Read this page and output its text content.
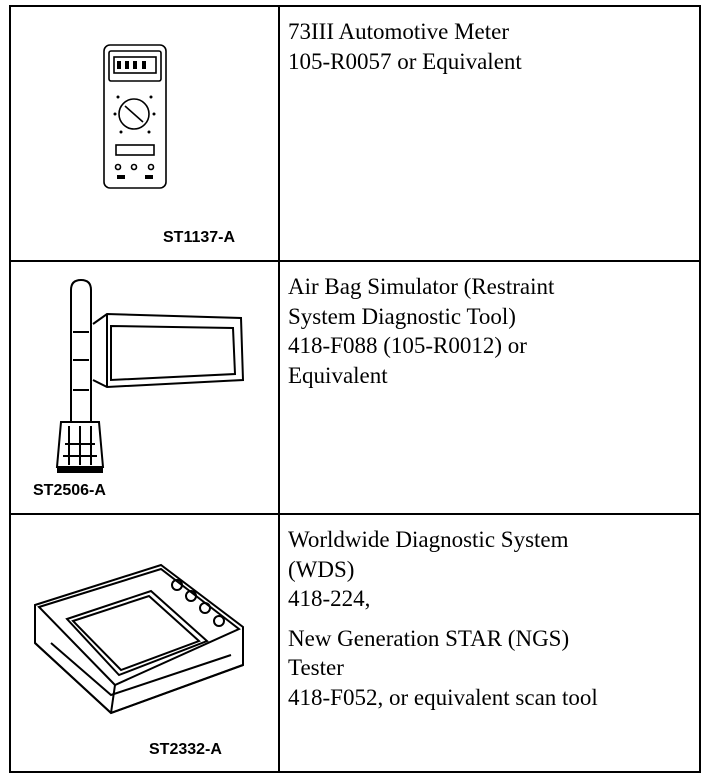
ST1137-A

73III Automotive Meter
105-R0057 or Equivalent

ST2506-A

Air Bag Simulator (Restraint
System Diagnostic Tool)
418-F088 (105-R0012) or
Equivalent

ST2332-A

Worldwide Diagnostic System
(WDS)
418-224,
New Generation STAR (NGS)
Tester
418-F052, or equivalent scan tool
